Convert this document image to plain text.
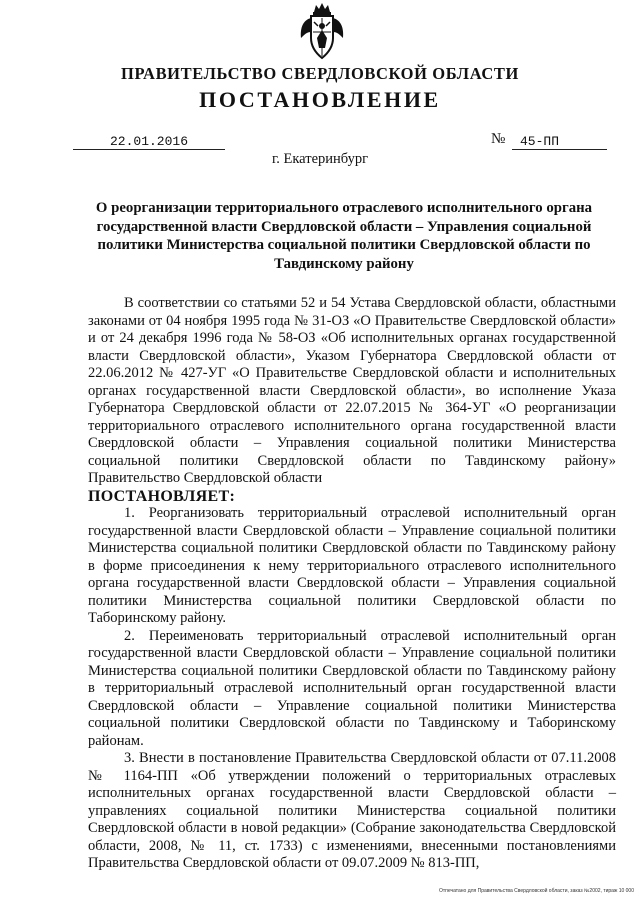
ПРАВИТЕЛЬСТВО СВЕРДЛОВСКОЙ ОБЛАСТИ
ПОСТАНОВЛЕНИЕ
22.01.2016	№	45-ПП
г. Екатеринбург
О реорганизации территориального отраслевого исполнительного органа государственной власти Свердловской области – Управления социальной политики Министерства социальной политики Свердловской области по Тавдинскому району

В соответствии со статьями 52 и 54 Устава Свердловской области, областными законами от 04 ноября 1995 года № 31-ОЗ «О Правительстве Свердловской области» и от 24 декабря 1996 года № 58-ОЗ «Об исполнительных органах государственной власти Свердловской области», Указом Губернатора Свердловской области от 22.06.2012 № 427-УГ «О Правительстве Свердловской области и исполнительных органах государственной власти Свердловской области», во исполнение Указа Губернатора Свердловской области от 22.07.2015 № 364-УГ «О реорганизации территориального отраслевого исполнительного органа государственной власти Свердловской области – Управления социальной политики Министерства социальной политики Свердловской области по Тавдинскому району» Правительство Свердловской области

ПОСТАНОВЛЯЕТ:

1. Реорганизовать территориальный отраслевой исполнительный орган государственной власти Свердловской области – Управление социальной политики Министерства социальной политики Свердловской области по Тавдинскому району в форме присоединения к нему территориального отраслевого исполнительного органа государственной власти Свердловской области – Управления социальной политики Министерства социальной политики Свердловской области по Таборинскому району.

2. Переименовать территориальный отраслевой исполнительный орган государственной власти Свердловской области – Управление социальной политики Министерства социальной политики Свердловской области по Тавдинскому району в территориальный отраслевой исполнительный орган государственной власти Свердловской области – Управление социальной политики Министерства социальной политики Свердловской области по Тавдинскому и Таборинскому районам.

3. Внести в постановление Правительства Свердловской области от 07.11.2008 № 1164-ПП «Об утверждении положений о территориальных отраслевых исполнительных органах государственной власти Свердловской области – управлениях социальной политики Министерства социальной политики Свердловской области в новой редакции» (Собрание законодательства Свердловской области, 2008, № 11, ст. 1733) с изменениями, внесенными постановлениями Правительства Свердловской области от 09.07.2009 № 813-ПП,

Отпечатано для Правительства Свердловской области, заказ №2002, тираж 10 000
